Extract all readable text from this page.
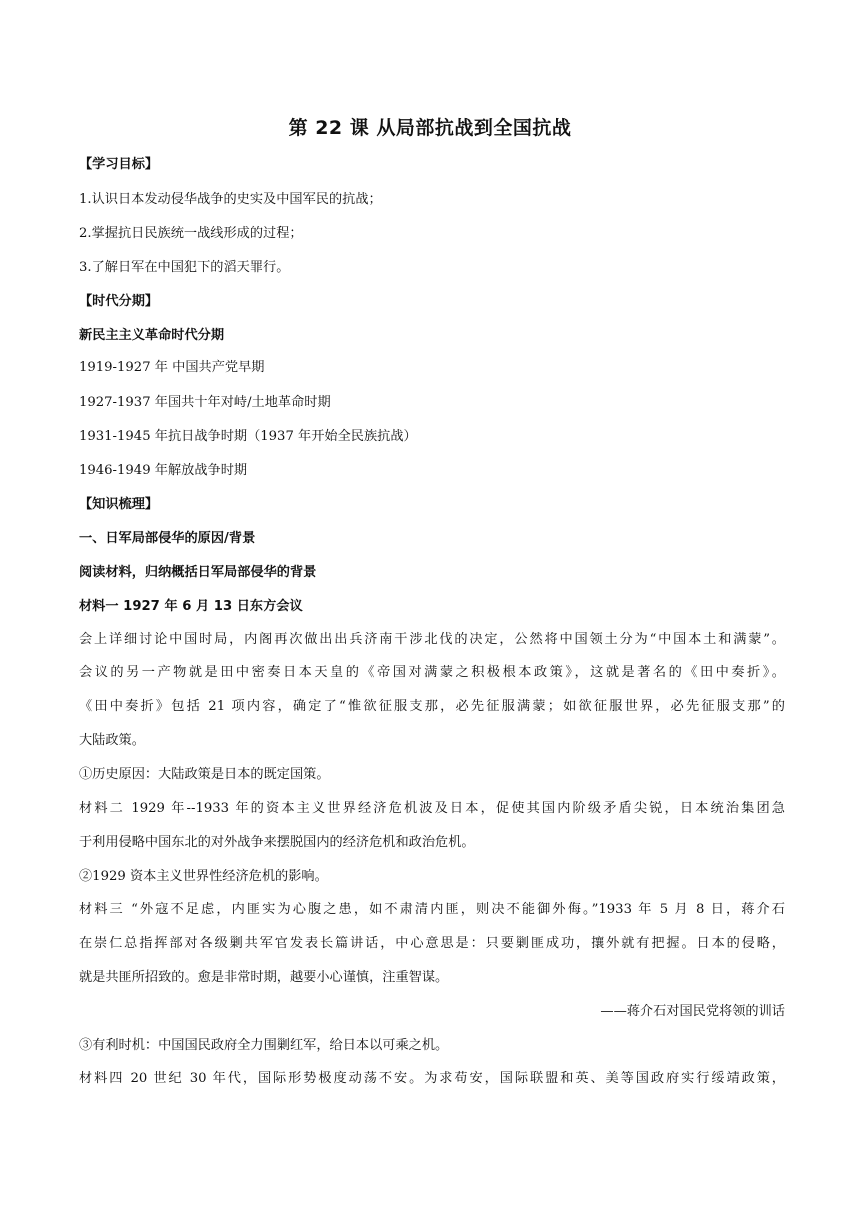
第 22 课 从局部抗战到全国抗战
【学习目标】
1.认识日本发动侵华战争的史实及中国军民的抗战；
2.掌握抗日民族统一战线形成的过程；
3.了解日军在中国犯下的滔天罪行。
【时代分期】
新民主主义革命时代分期
1919-1927 年 中国共产党早期
1927-1937 年国共十年对峙/土地革命时期
1931-1945 年抗日战争时期（1937 年开始全民族抗战）
1946-1949 年解放战争时期
【知识梳理】
一、日军局部侵华的原因/背景
阅读材料，归纳概括日军局部侵华的背景
材料一 1927 年 6 月 13 日东方会议
会上详细讨论中国时局，内阁再次做出出兵济南干涉北伐的决定，公然将中国领土分为“中国本土和满蒙”。
会议的另一产物就是田中密奏日本天皇的《帝国对满蒙之积极根本政策》，这就是著名的《田中奏折》。
《田中奏折》包括 21 项内容，确定了“惟欲征服支那，必先征服满蒙；如欲征服世界，必先征服支那”的
大陆政策。
①历史原因：大陆政策是日本的既定国策。
材料二 1929 年--1933 年的资本主义世界经济危机波及日本，促使其国内阶级矛盾尖锐，日本统治集团急
于利用侵略中国东北的对外战争来摆脱国内的经济危机和政治危机。
②1929 资本主义世界性经济危机的影响。
材料三 “外寇不足虑，内匪实为心腹之患，如不肃清内匪，则决不能御外侮。”1933 年 5 月 8 日，蒋介石
在崇仁总指挥部对各级剿共军官发表长篇讲话，中心意思是：只要剿匪成功，攘外就有把握。日本的侵略，
就是共匪所招致的。愈是非常时期，越要小心谨慎，注重智谋。
——蒋介石对国民党将领的训话
③有利时机：中国国民政府全力围剿红军，给日本以可乘之机。
材料四 20 世纪 30 年代，国际形势极度动荡不安。为求苟安，国际联盟和英、美等国政府实行绥靖政策，
